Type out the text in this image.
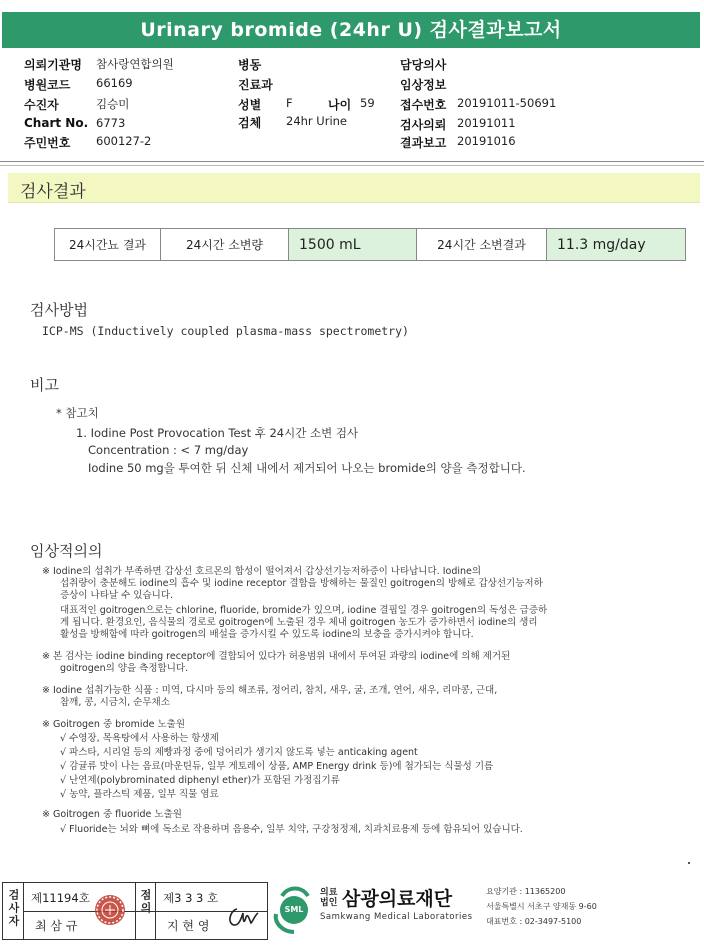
Urinary bromide (24hr U) 검사결과보고서
의뢰기관명 참사랑연합의원
병원코드 66169
수진자	김승미
Chart No. 6773
주민번호 600127-2
병동
진료과
성별 F	나이 59
검체 24hr Urine
담당의사
임상정보
접수번호 20191011-50691
검사의뢰 20191011
결과보고 20191016
검사결과
24시간뇨 결과	24시간 소변량	1500 mL	24시간 소변결과	11.3 mg/day
검사방법
ICP-MS (Inductively coupled plasma-mass spectrometry)
비고
* 참고치
1. Iodine Post Provocation Test 후 24시간 소변 검사
Concentration : < 7 mg/day
Iodine 50 mg을 투여한 뒤 신체 내에서 제거되어 나오는 bromide의 양을 측정합니다.
임상적의의
※ Iodine의 섭취가 부족하면 갑상선 호르몬의 합성이 떨어져서 갑상선기능저하증이 나타납니다. Iodine의
섭취량이 충분해도 iodine의 흡수 및 iodine receptor 결합을 방해하는 물질인 goitrogen의 방해로 갑상선기능저하
증상이 나타날 수 있습니다.
대표적인 goitrogen으로는 chlorine, fluoride, bromide가 있으며, iodine 결핍일 경우 goitrogen의 독성은 급증하
게 됩니다. 환경요인, 음식물의 경로로 goitrogen에 노출된 경우 체내 goitrogen 농도가 증가하면서 iodine의 생리
활성을 방해함에 따라 goitrogen의 배설을 증가시킬 수 있도록 iodine의 보충을 증가시켜야 합니다.
※ 본 검사는 iodine binding receptor에 결합되어 있다가 허용범위 내에서 투여된 과량의 iodine에 의해 제거된
goitrogen의 양을 측정합니다.
※ Iodine 섭취가능한 식품 : 미역, 다시마 등의 해조류, 정어리, 참치, 새우, 굴, 조개, 연어, 새우, 리마콩, 근대,
참깨, 콩, 시금치, 순무채소
※ Goitrogen 중 bromide 노출원
√ 수영장, 목욕탕에서 사용하는 항생제
√ 파스타, 시리얼 등의 제빵과정 중에 덩어리가 생기지 않도록 넣는 anticaking agent
√ 감귤류 맛이 나는 음료(마운틴듀, 일부 게토레이 상품, AMP Energy drink 등)에 첨가되는 식물성 기름
√ 난연제(polybrominated diphenyl ether)가 포함된 가정집기류
√ 농약, 플라스틱 제품, 일부 직물 염료
※ Goitrogen 중 fluoride 노출원
√ Fluoride는 뇌와 뼈에 독소로 작용하며 음용수, 일부 치약, 구강청정제, 치과치료용제 등에 함유되어 있습니다.
검사자 제11194호
최 삼 규
점의 제3 3 3 호
지 현 영
SML
의료
법인 삼광의료재단
Samkwang Medical Laboratories
요양기관 : 11365200
서울특별시 서초구 양재동 9-60
대표번호 : 02-3497-5100
